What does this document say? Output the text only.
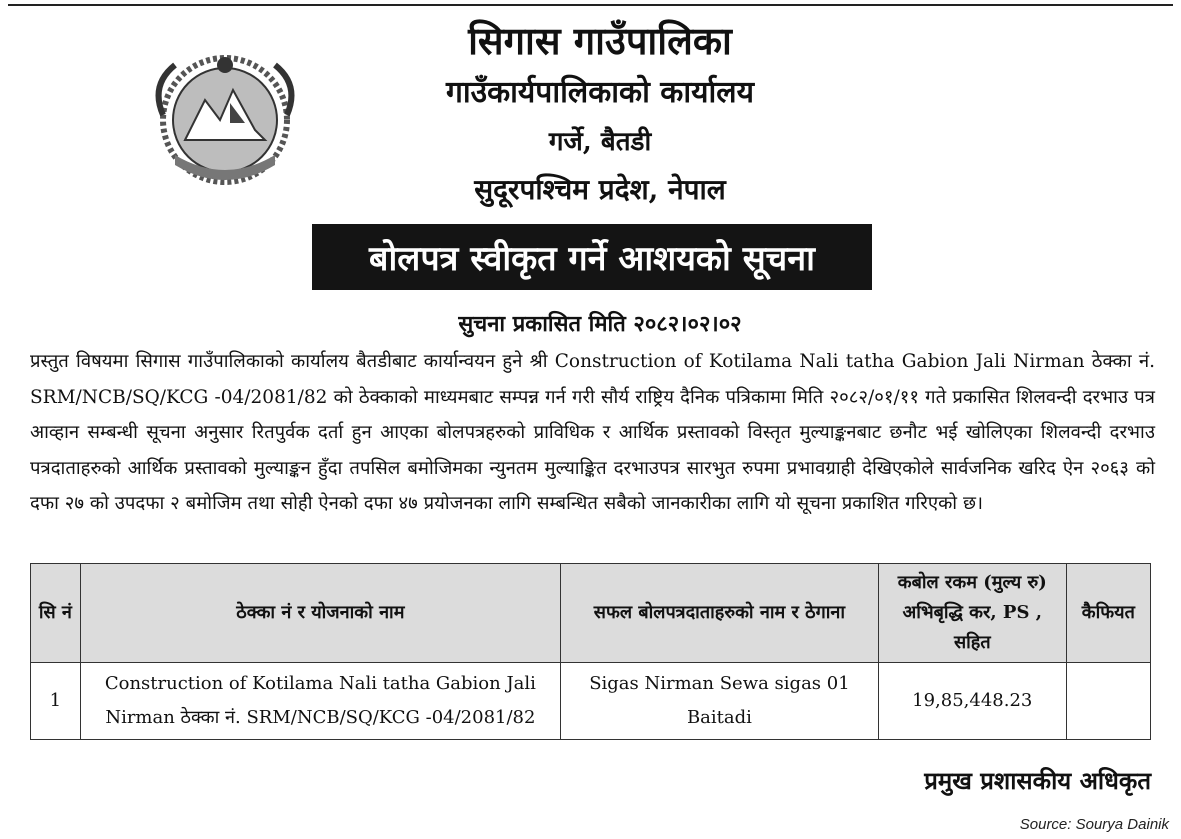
सिगास गाउँपालिका
गाउँकार्यपालिकाको कार्यालय
गर्जे, बैतडी
सुदूरपश्चिम प्रदेश, नेपाल
बोलपत्र स्वीकृत गर्ने आशयको सूचना
सुचना प्रकासित मिति २०८२।०२।०२
प्रस्तुत विषयमा सिगास गाउँपालिकाको कार्यालय बैतडीबाट कार्यान्वयन हुने श्री Construction of Kotilama Nali tatha Gabion Jali Nirman ठेक्का नं. SRM/NCB/SQ/KCG -04/2081/82 को ठेक्काको माध्यमबाट सम्पन्न गर्न गरी सौर्य राष्ट्रिय दैनिक पत्रिकामा मिति २०८२/०१/११ गते प्रकासित शिलवन्दी दरभाउ पत्र आव्हान सम्बन्धी सूचना अनुसार रितपुर्वक दर्ता हुन आएका बोलपत्रहरुको प्राविधिक र आर्थिक प्रस्तावको विस्तृत मुल्याङ्कनबाट छनौट भई खोलिएका शिलवन्दी दरभाउ पत्रदाताहरुको आर्थिक प्रस्तावको मुल्याङ्कन हुँदा तपसिल बमोजिमका न्युनतम मुल्याङ्कित दरभाउपत्र सारभुत रुपमा प्रभावग्राही देखिएकोले सार्वजनिक खरिद ऐन २०६३ को दफा २७ को उपदफा २ बमोजिम तथा सोही ऐनको दफा ४७ प्रयोजनका लागि सम्बन्धित सबैको जानकारीका लागि यो सूचना प्रकाशित गरिएको छ।
सि नं	ठेक्का नं र योजनाको नाम	सफल बोलपत्रदाताहरुको नाम र ठेगाना	कबोल रकम (मुल्य रु) अभिबृद्धि कर, PS , सहित	कैफियत
1	Construction of Kotilama Nali tatha Gabion Jali Nirman ठेक्का नं. SRM/NCB/SQ/KCG -04/2081/82	Sigas Nirman Sewa sigas 01 Baitadi	19,85,448.23	
प्रमुख प्रशासकीय अधिकृत
Source: Sourya Dainik
